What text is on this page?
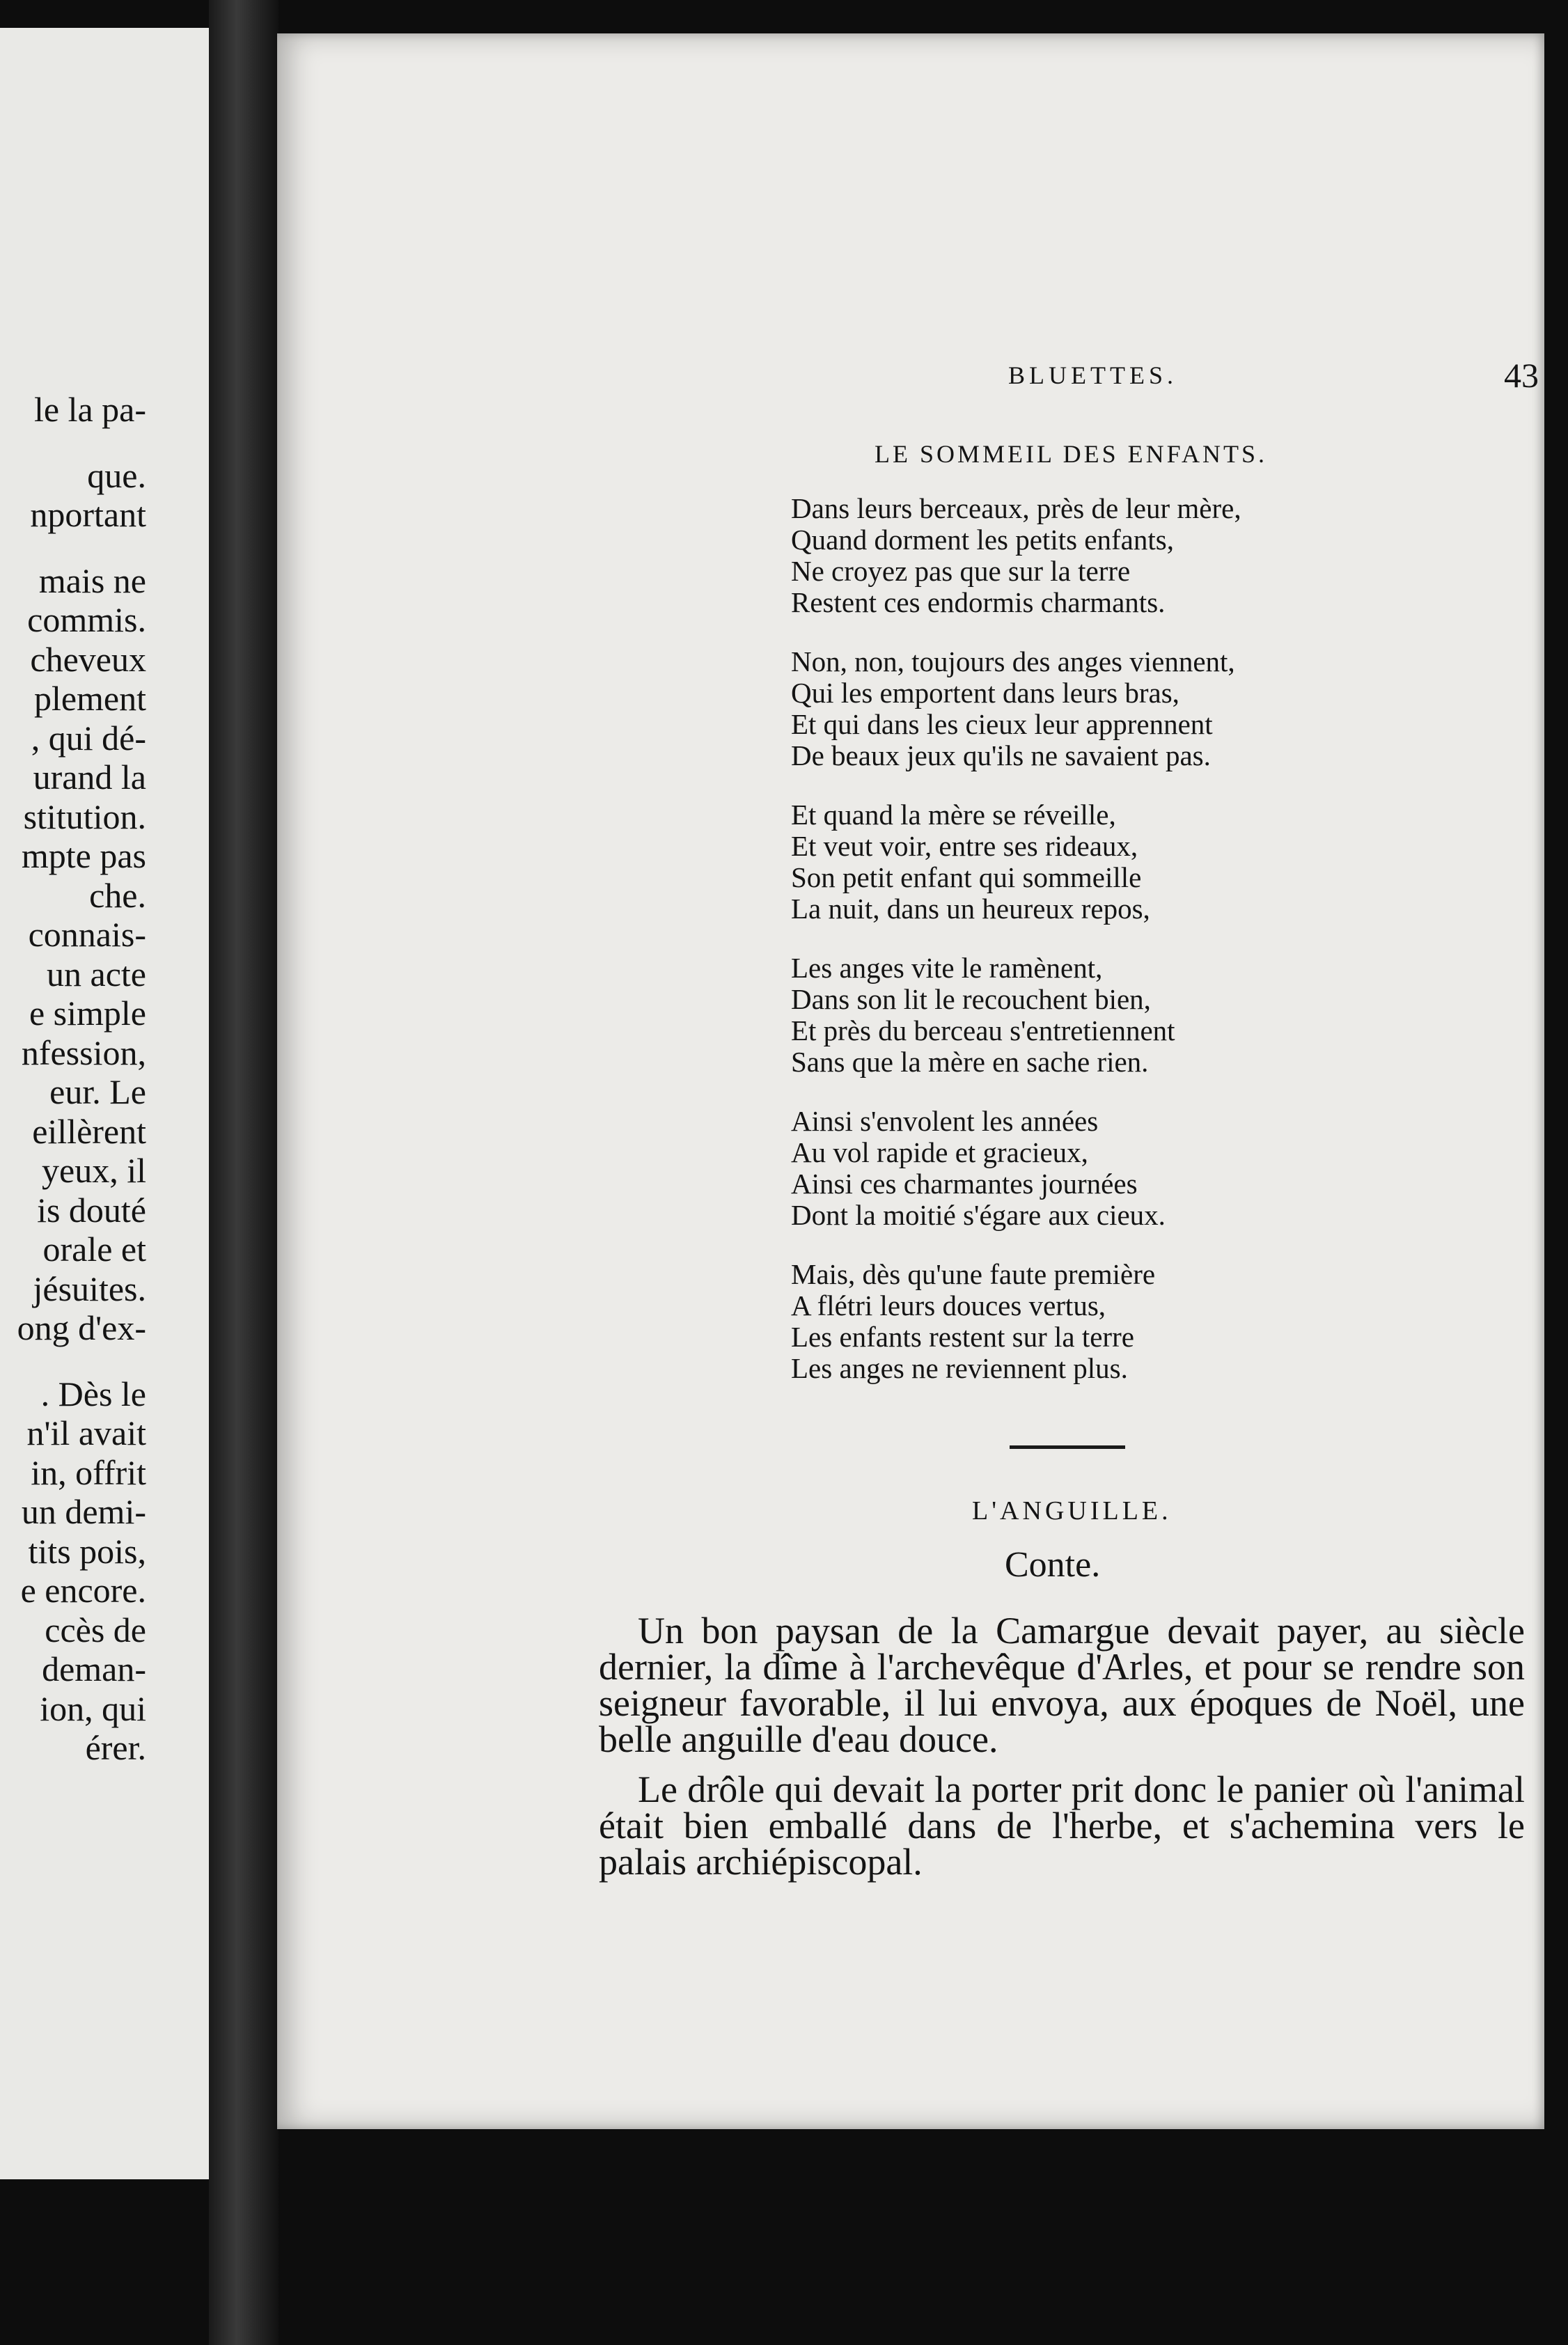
le la pa-
que.
nportant
mais ne
commis.
cheveux
plement
, qui dé-
urand la
stitution.
mpte pas
che.
connais-
un acte
e simple
nfession,
eur. Le
eillèrent
yeux, il
is douté
orale et
jésuites.
ong d'ex-
. Dès le
n'il avait
in, offrit
un demi-
tits pois,
e encore.
ccès de
deman-
ion, qui
érer.
BLUETTES.	43
LE SOMMEIL DES ENFANTS.
Dans leurs berceaux, près de leur mère,
Quand dorment les petits enfants,
Ne croyez pas que sur la terre
Restent ces endormis charmants.
Non, non, toujours des anges viennent,
Qui les emportent dans leurs bras,
Et qui dans les cieux leur apprennent
De beaux jeux qu'ils ne savaient pas.
Et quand la mère se réveille,
Et veut voir, entre ses rideaux,
Son petit enfant qui sommeille
La nuit, dans un heureux repos,
Les anges vite le ramènent,
Dans son lit le recouchent bien,
Et près du berceau s'entretiennent
Sans que la mère en sache rien.
Ainsi s'envolent les années
Au vol rapide et gracieux,
Ainsi ces charmantes journées
Dont la moitié s'égare aux cieux.
Mais, dès qu'une faute première
A flétri leurs douces vertus,
Les enfants restent sur la terre
Les anges ne reviennent plus.
L'ANGUILLE.
Conte.

Un bon paysan de la Camargue devait payer, au siècle dernier, la dîme à l'archevêque d'Arles, et pour se rendre son seigneur favorable, il lui envoya, aux époques de Noël, une belle anguille d'eau douce.

Le drôle qui devait la porter prit donc le panier où l'animal était bien emballé dans de l'herbe, et s'achemina vers le palais archiépiscopal.
